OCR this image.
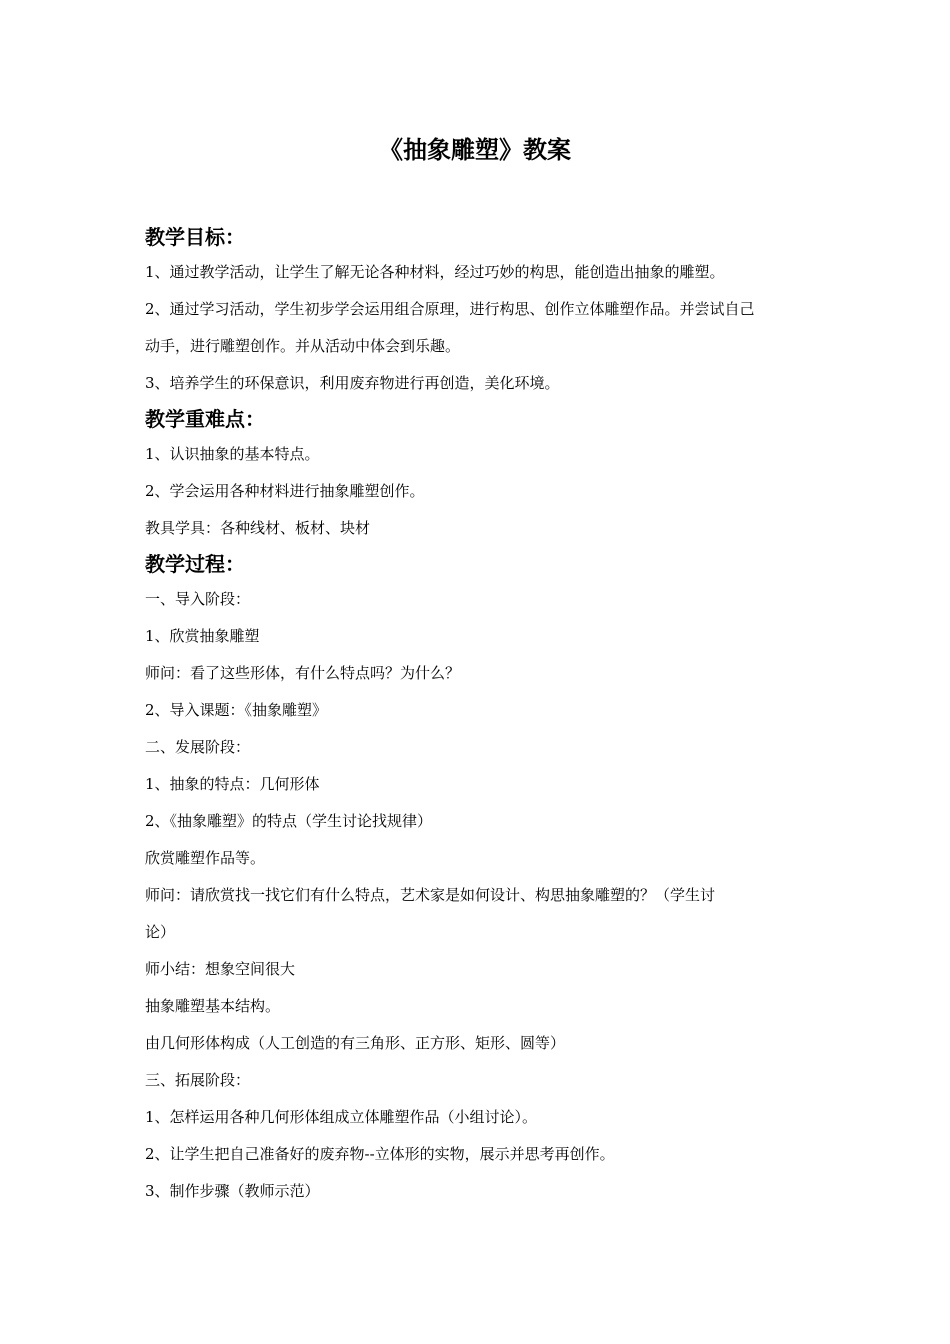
《抽象雕塑》教案
教学目标：
1、通过教学活动，让学生了解无论各种材料，经过巧妙的构思，能创造出抽象的雕塑。
2、通过学习活动，学生初步学会运用组合原理，进行构思、创作立体雕塑作品。并尝试自己
动手，进行雕塑创作。并从活动中体会到乐趣。
3、培养学生的环保意识，利用废弃物进行再创造，美化环境。
教学重难点：
1、认识抽象的基本特点。
2、学会运用各种材料进行抽象雕塑创作。
教具学具：各种线材、板材、块材
教学过程：
一、导入阶段：
1、欣赏抽象雕塑
师问：看了这些形体，有什么特点吗？为什么？
2、导入课题：《抽象雕塑》
二、发展阶段：
1、抽象的特点：几何形体
2、《抽象雕塑》的特点（学生讨论找规律）
欣赏雕塑作品等。
师问：请欣赏找一找它们有什么特点，艺术家是如何设计、构思抽象雕塑的？（学生讨
论）
师小结：想象空间很大
抽象雕塑基本结构。
由几何形体构成（人工创造的有三角形、正方形、矩形、圆等）
三、拓展阶段：
1、怎样运用各种几何形体组成立体雕塑作品（小组讨论）。
2、让学生把自己准备好的废弃物--立体形的实物，展示并思考再创作。
3、制作步骤（教师示范）
